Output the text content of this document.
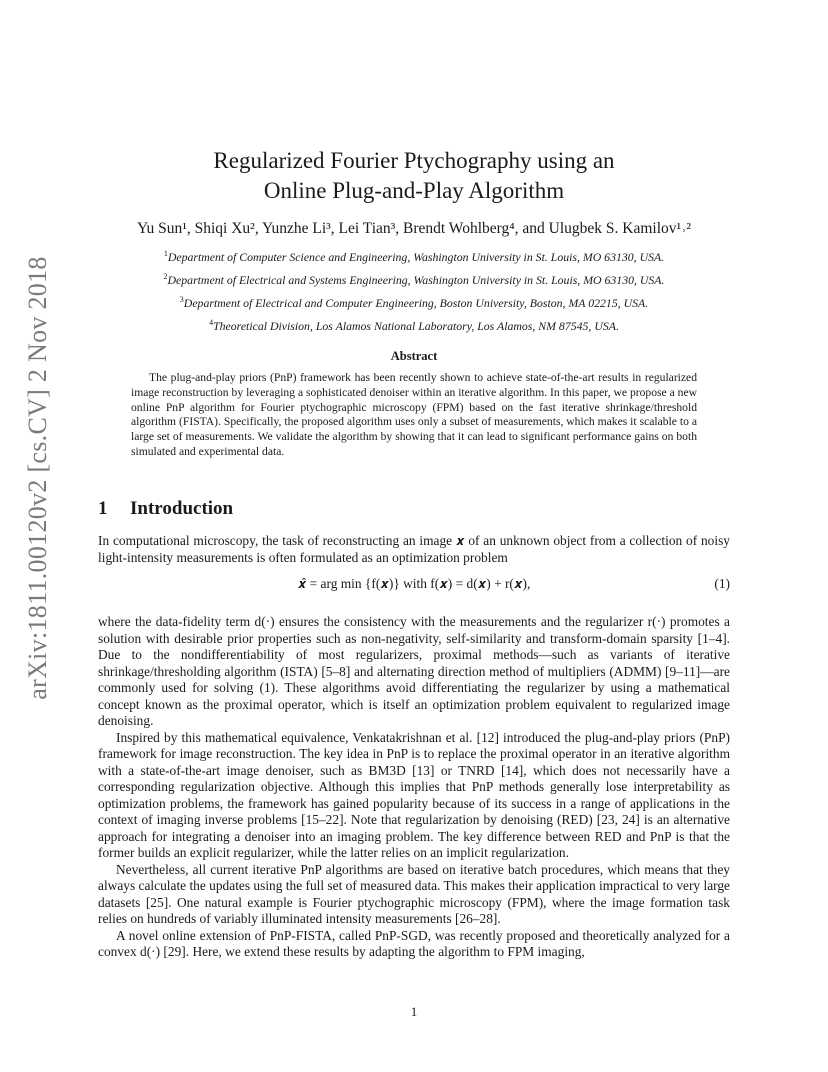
arXiv:1811.00120v2 [cs.CV] 2 Nov 2018
Regularized Fourier Ptychography using an
Online Plug-and-Play Algorithm
Yu Sun¹, Shiqi Xu², Yunzhe Li³, Lei Tian³, Brendt Wohlberg⁴, and Ulugbek S. Kamilov¹˒²
$^1$Department of Computer Science and Engineering, Washington University in St. Louis, MO 63130, USA.
$^2$Department of Electrical and Systems Engineering, Washington University in St. Louis, MO 63130, USA.
$^3$Department of Electrical and Computer Engineering, Boston University, Boston, MA 02215, USA.
$^4$Theoretical Division, Los Alamos National Laboratory, Los Alamos, NM 87545, USA.
Abstract
The plug-and-play priors (PnP) framework has been recently shown to achieve state-of-the-art results in regularized image reconstruction by leveraging a sophisticated denoiser within an iterative algorithm. In this paper, we propose a new online PnP algorithm for Fourier ptychographic microscopy (FPM) based on the fast iterative shrinkage/threshold algorithm (FISTA). Specifically, the proposed algorithm uses only a subset of measurements, which makes it scalable to a large set of measurements. We validate the algorithm by showing that it can lead to significant performance gains on both simulated and experimental data.
1 Introduction

In computational microscopy, the task of reconstructing an image 𝒙 of an unknown object from a collection of noisy light-intensity measurements is often formulated as an optimization problem

𝒙̂ = arg min {f(𝒙)} with f(𝒙) = d(𝒙) + r(𝒙),	(1)

where the data-fidelity term d(·) ensures the consistency with the measurements and the regularizer r(·) promotes a solution with desirable prior properties such as non-negativity, self-similarity and transform-domain sparsity [1–4]. Due to the nondifferentiability of most regularizers, proximal methods—such as variants of iterative shrinkage/thresholding algorithm (ISTA) [5–8] and alternating direction method of multipliers (ADMM) [9–11]—are commonly used for solving (1). These algorithms avoid differentiating the regularizer by using a mathematical concept known as the proximal operator, which is itself an optimization problem equivalent to regularized image denoising.

Inspired by this mathematical equivalence, Venkatakrishnan et al. [12] introduced the plug-and-play priors (PnP) framework for image reconstruction. The key idea in PnP is to replace the proximal operator in an iterative algorithm with a state-of-the-art image denoiser, such as BM3D [13] or TNRD [14], which does not necessarily have a corresponding regularization objective. Although this implies that PnP methods generally lose interpretability as optimization problems, the framework has gained popularity because of its success in a range of applications in the context of imaging inverse problems [15–22]. Note that regularization by denoising (RED) [23, 24] is an alternative approach for integrating a denoiser into an imaging problem. The key difference between RED and PnP is that the former builds an explicit regularizer, while the latter relies on an implicit regularization.

Nevertheless, all current iterative PnP algorithms are based on iterative batch procedures, which means that they always calculate the updates using the full set of measured data. This makes their application impractical to very large datasets [25]. One natural example is Fourier ptychographic microscopy (FPM), where the image formation task relies on hundreds of variably illuminated intensity measurements [26–28].

A novel online extension of PnP-FISTA, called PnP-SGD, was recently proposed and theoretically analyzed for a convex d(·) [29]. Here, we extend these results by adapting the algorithm to FPM imaging,

1
